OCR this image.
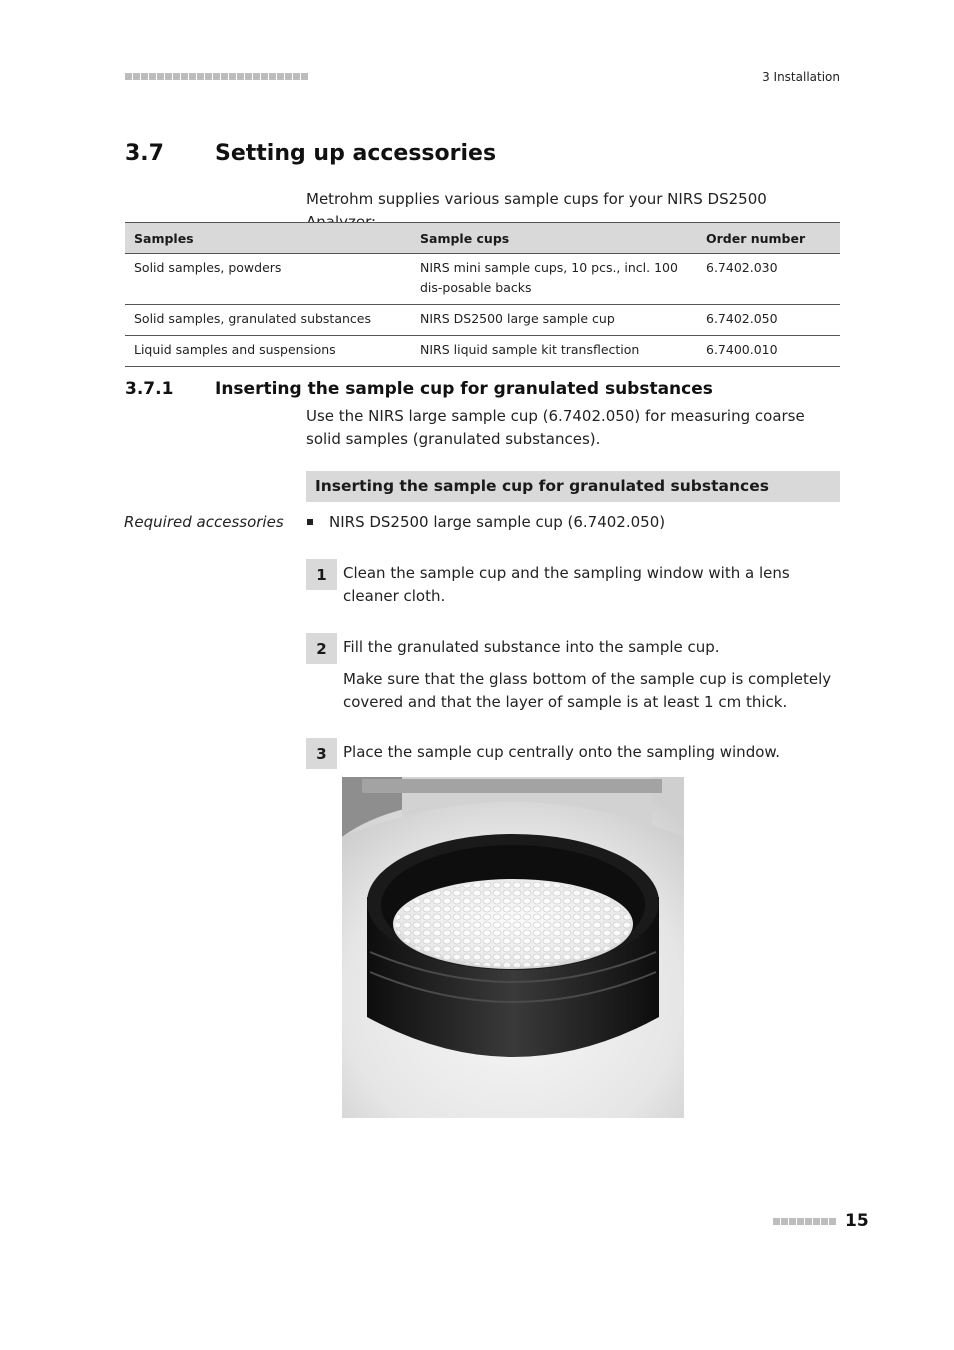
3 Installation
3.7 Setting up accessories
Metrohm supplies various sample cups for your NIRS DS2500
Samples	Sample cups	Order number
Solid samples, powders	NIRS mini sample cups, 10 pcs., incl. 100 dis-posable backs	6.7402.030
Solid samples, granulated substances	NIRS DS2500 large sample cup	6.7402.050
Liquid samples and suspensions	NIRS liquid sample kit transflection	6.7400.010
3.7.1 Inserting the sample cup for granulated substances
Use the NIRS large sample cup (6.7402.050) for measuring coarse solid samples (granulated substances).
Inserting the sample cup for granulated substances
Required accessories	NIRS DS2500 large sample cup (6.7402.050)
1	Clean the sample cup and the sampling window with a lens cleaner cloth.
2	Fill the granulated substance into the sample cup.
Make sure that the glass bottom of the sample cup is completely covered and that the layer of sample is at least 1 cm thick.
3	Place the sample cup centrally onto the sampling window.
15
